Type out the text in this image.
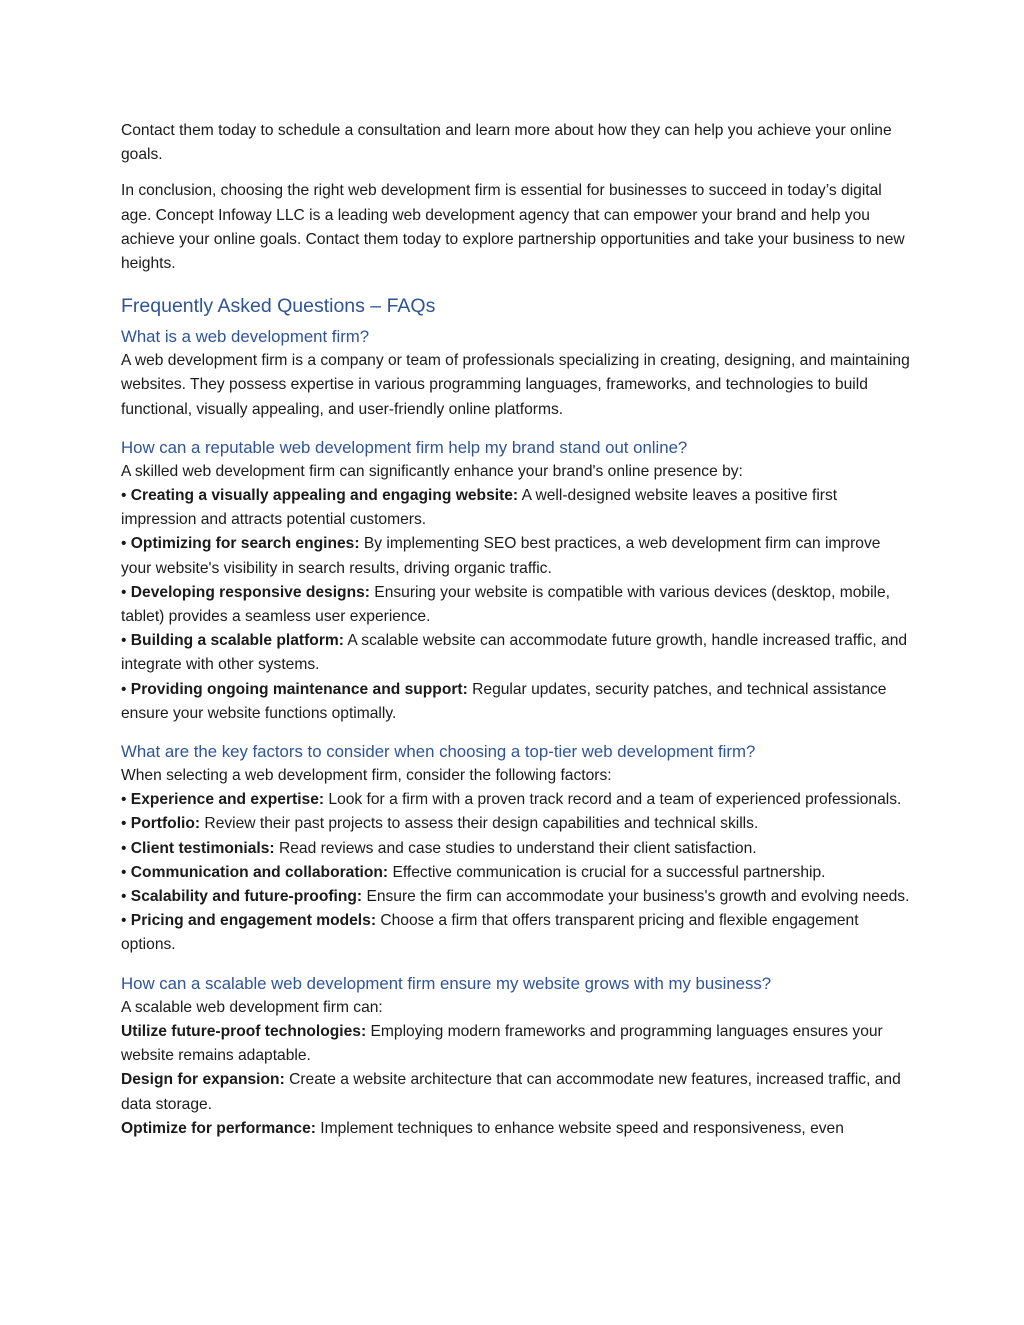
Contact them today to schedule a consultation and learn more about how they can help you achieve your online goals.

In conclusion, choosing the right web development firm is essential for businesses to succeed in today’s digital age. Concept Infoway LLC is a leading web development agency that can empower your brand and help you achieve your online goals. Contact them today to explore partnership opportunities and take your business to new heights.

Frequently Asked Questions – FAQs
What is a web development firm?

A web development firm is a company or team of professionals specializing in creating, designing, and maintaining websites. They possess expertise in various programming languages, frameworks, and technologies to build functional, visually appealing, and user-friendly online platforms.

How can a reputable web development firm help my brand stand out online?

A skilled web development firm can significantly enhance your brand's online presence by:

• Creating a visually appealing and engaging website: A well-designed website leaves a positive first impression and attracts potential customers.

• Optimizing for search engines: By implementing SEO best practices, a web development firm can improve your website's visibility in search results, driving organic traffic.

• Developing responsive designs: Ensuring your website is compatible with various devices (desktop, mobile, tablet) provides a seamless user experience.

• Building a scalable platform: A scalable website can accommodate future growth, handle increased traffic, and integrate with other systems.

• Providing ongoing maintenance and support: Regular updates, security patches, and technical assistance ensure your website functions optimally.

What are the key factors to consider when choosing a top-tier web development firm?

When selecting a web development firm, consider the following factors:

• Experience and expertise: Look for a firm with a proven track record and a team of experienced professionals.

• Portfolio: Review their past projects to assess their design capabilities and technical skills.

• Client testimonials: Read reviews and case studies to understand their client satisfaction.

• Communication and collaboration: Effective communication is crucial for a successful partnership.

• Scalability and future-proofing: Ensure the firm can accommodate your business's growth and evolving needs.

• Pricing and engagement models: Choose a firm that offers transparent pricing and flexible engagement options.

How can a scalable web development firm ensure my website grows with my business?

A scalable web development firm can:

Utilize future-proof technologies: Employing modern frameworks and programming languages ensures your website remains adaptable.

Design for expansion: Create a website architecture that can accommodate new features, increased traffic, and data storage.

Optimize for performance: Implement techniques to enhance website speed and responsiveness, even
